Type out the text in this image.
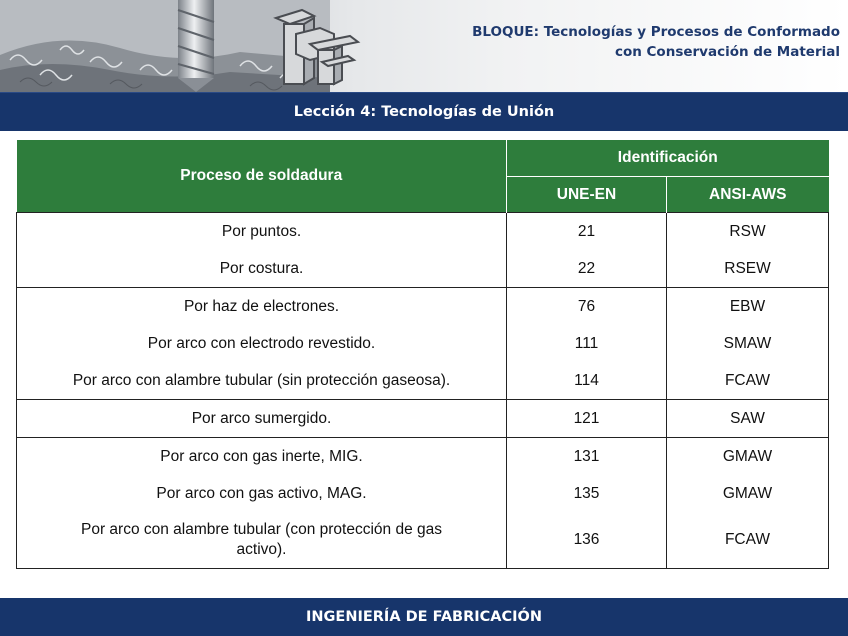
BLOQUE: Tecnologías y Procesos de Conformado
con Conservación de Material
Lección 4: Tecnologías de Unión
Proceso de soldadura	Identificación	
	UNE-EN	ANSI-AWS
Por puntos.	21	RSW
Por costura.	22	RSEW
Por haz de electrones.	76	EBW
Por arco con electrodo revestido.	111	SMAW
Por arco con alambre tubular (sin protección gaseosa).	114	FCAW
Por arco sumergido.	121	SAW
Por arco con gas inerte, MIG.	131	GMAW
Por arco con gas activo, MAG.	135	GMAW
Por arco con alambre tubular (con protección de gas activo).	136	FCAW
INGENIERÍA DE FABRICACIÓN
